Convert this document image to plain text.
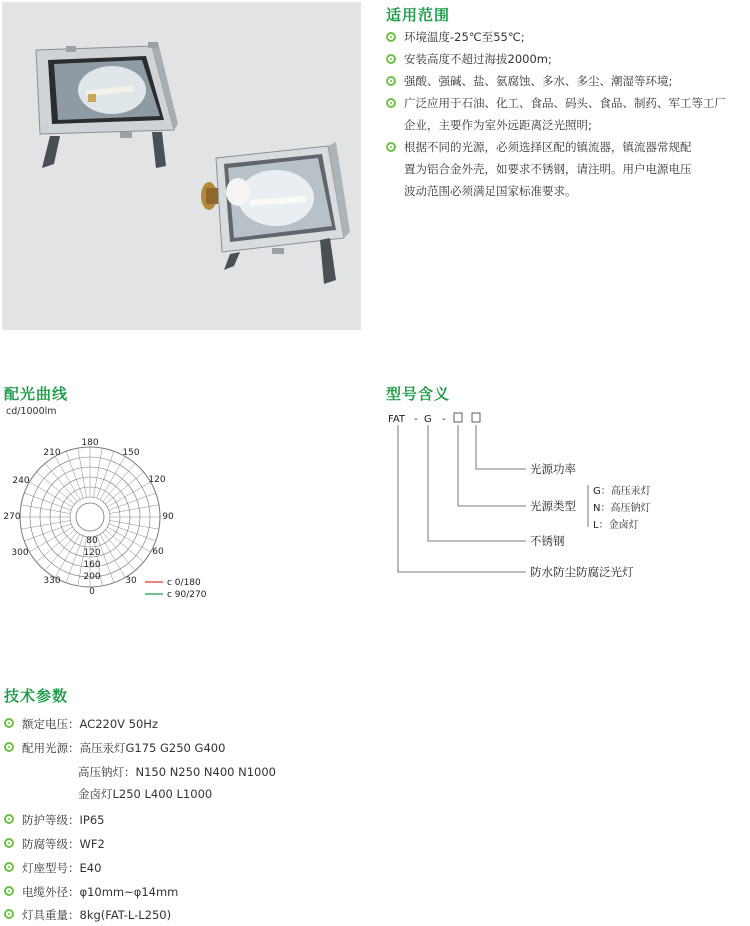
适用范围
环境温度-25℃至55℃;
安装高度不超过海拔2000m;
强酸、强碱、盐、氨腐蚀、多水、多尘、潮湿等环境;
广泛应用于石油、化工、食品、码头、食品、制药、军工等工厂
企业，主要作为室外远距离泛光照明;
根据不同的光源，必须选择区配的镇流器，镇流器常规配
置为铝合金外壳，如要求不锈钢，请注明。用户电源电压
波动范围必须满足国家标准要求。
配光曲线
cd/1000lm
180
150
120
90
60
30
0
330
300
270
240
210
80
120
160
200
c 0/180
c 90/270
型号含义
FAT - G -
光源功率
光源类型
不锈钢
防水防尘防腐泛光灯
G：高压汞灯
N：高压钠灯
L：金卤灯
技术参数
额定电压：AC220V 50Hz
配用光源：高压汞灯G175 G250 G400
高压钠灯：N150 N250 N400 N1000
金卤灯L250 L400 L1000
防护等级：IP65
防腐等级：WF2
灯座型号：E40
电缆外径：φ10mm~φ14mm
灯具重量：8kg(FAT-L-L250)
